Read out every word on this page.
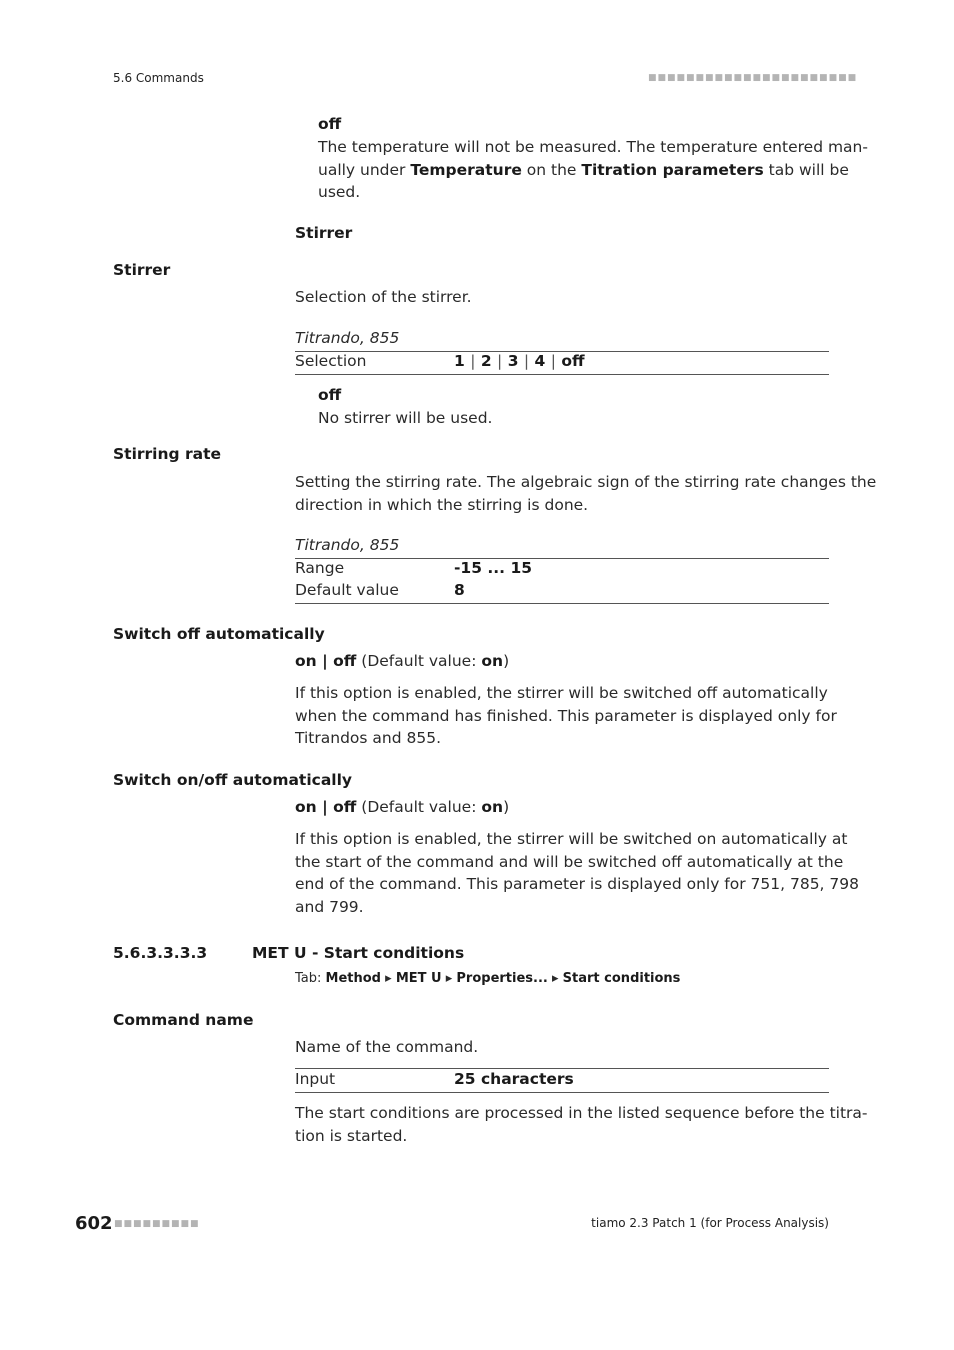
5.6 Commands	■■■■■■■■■■■■■■■■■■■■■■
off
The temperature will not be measured. The temperature entered man-
ually under Temperature on the Titration parameters tab will be
used.
Stirrer
Stirrer
Selection of the stirrer.
Titrando, 855
Selection	1 | 2 | 3 | 4 | off
off
No stirrer will be used.
Stirring rate
Setting the stirring rate. The algebraic sign of the stirring rate changes the
direction in which the stirring is done.
Titrando, 855
Range	-15 ... 15
Default value	8
Switch off automatically
on | off (Default value: on)
If this option is enabled, the stirrer will be switched off automatically
when the command has finished. This parameter is displayed only for
Titrandos and 855.
Switch on/off automatically
on | off (Default value: on)
If this option is enabled, the stirrer will be switched on automatically at
the start of the command and will be switched off automatically at the
end of the command. This parameter is displayed only for 751, 785, 798
and 799.
5.6.3.3.3.3	MET U - Start conditions
Tab: Method ▸ MET U ▸ Properties... ▸ Start conditions
Command name
Name of the command.
Input	25 characters
The start conditions are processed in the listed sequence before the titra-
tion is started.
602 ■■■■■■■■■	tiamo 2.3 Patch 1 (for Process Analysis)
